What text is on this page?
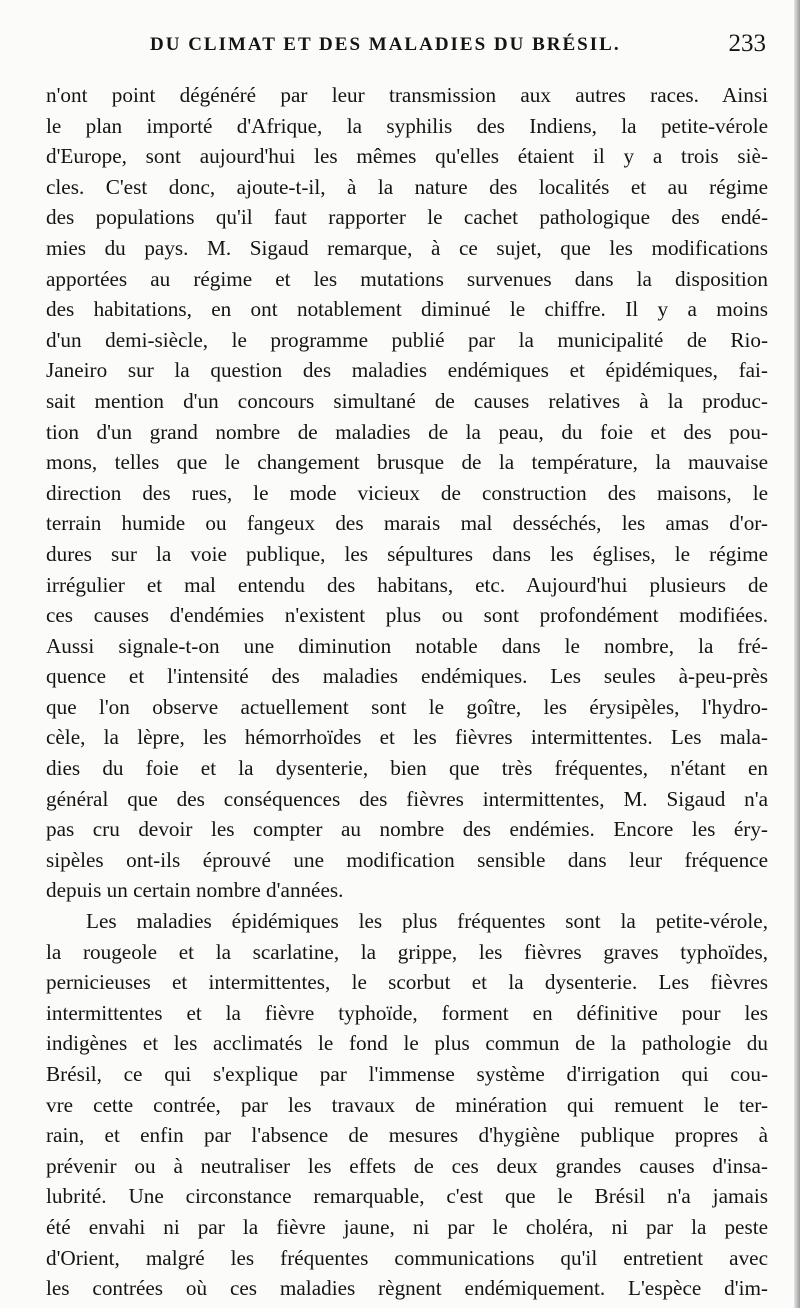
DU CLIMAT ET DES MALADIES DU BRÉSIL.	233
n'ont point dégénéré par leur transmission aux autres races. Ainsi
le plan importé d'Afrique, la syphilis des Indiens, la petite-vérole
d'Europe, sont aujourd'hui les mêmes qu'elles étaient il y a trois siè-
cles. C'est donc, ajoute-t-il, à la nature des localités et au régime
des populations qu'il faut rapporter le cachet pathologique des endé-
mies du pays. M. Sigaud remarque, à ce sujet, que les modifications
apportées au régime et les mutations survenues dans la disposition
des habitations, en ont notablement diminué le chiffre. Il y a moins
d'un demi-siècle, le programme publié par la municipalité de Rio-
Janeiro sur la question des maladies endémiques et épidémiques, fai-
sait mention d'un concours simultané de causes relatives à la produc-
tion d'un grand nombre de maladies de la peau, du foie et des pou-
mons, telles que le changement brusque de la température, la mauvaise
direction des rues, le mode vicieux de construction des maisons, le
terrain humide ou fangeux des marais mal desséchés, les amas d'or-
dures sur la voie publique, les sépultures dans les églises, le régime
irrégulier et mal entendu des habitans, etc. Aujourd'hui plusieurs de
ces causes d'endémies n'existent plus ou sont profondément modifiées.
Aussi signale-t-on une diminution notable dans le nombre, la fré-
quence et l'intensité des maladies endémiques. Les seules à-peu-près
que l'on observe actuellement sont le goître, les érysipèles, l'hydro-
cèle, la lèpre, les hémorrhoïdes et les fièvres intermittentes. Les mala-
dies du foie et la dysenterie, bien que très fréquentes, n'étant en
général que des conséquences des fièvres intermittentes, M. Sigaud n'a
pas cru devoir les compter au nombre des endémies. Encore les éry-
sipèles ont-ils éprouvé une modification sensible dans leur fréquence
depuis un certain nombre d'années.
Les maladies épidémiques les plus fréquentes sont la petite-vérole,
la rougeole et la scarlatine, la grippe, les fièvres graves typhoïdes,
pernicieuses et intermittentes, le scorbut et la dysenterie. Les fièvres
intermittentes et la fièvre typhoïde, forment en définitive pour les
indigènes et les acclimatés le fond le plus commun de la pathologie du
Brésil, ce qui s'explique par l'immense système d'irrigation qui cou-
vre cette contrée, par les travaux de minération qui remuent le ter-
rain, et enfin par l'absence de mesures d'hygiène publique propres à
prévenir ou à neutraliser les effets de ces deux grandes causes d'insa-
lubrité. Une circonstance remarquable, c'est que le Brésil n'a jamais
été envahi ni par la fièvre jaune, ni par le choléra, ni par la peste
d'Orient, malgré les fréquentes communications qu'il entretient avec
les contrées où ces maladies règnent endémiquement. L'espèce d'im-
